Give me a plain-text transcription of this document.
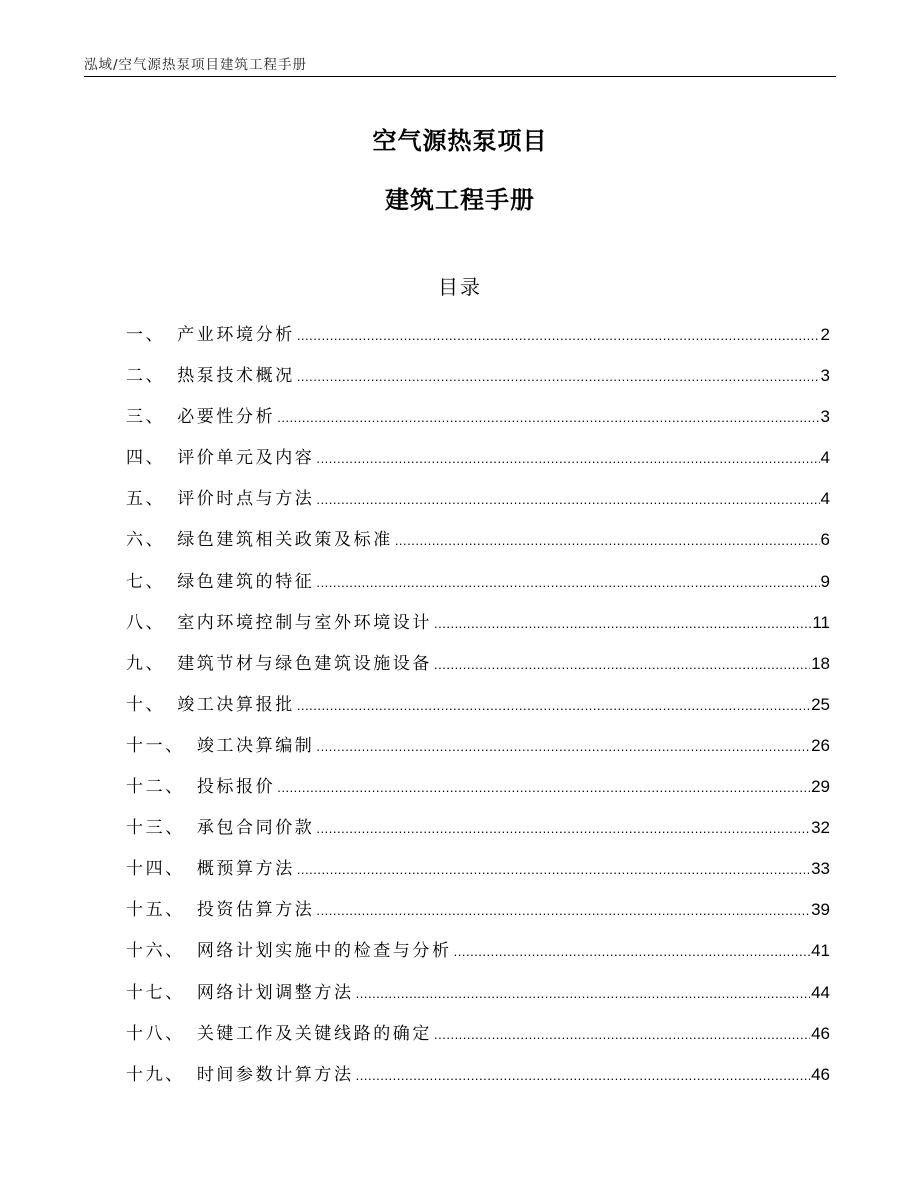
泓域/空气源热泵项目建筑工程手册
空气源热泵项目
建筑工程手册
目录
一、 产业环境分析 .....	2
二、 热泵技术概况 .....	3
三、 必要性分析 .....	3
四、 评价单元及内容 .....	4
五、 评价时点与方法 .....	4
六、 绿色建筑相关政策及标准 .....	6
七、 绿色建筑的特征 .....	9
八、 室内环境控制与室外环境设计 .....	11
九、 建筑节材与绿色建筑设施设备 .....	18
十、 竣工决算报批 .....	25
十一、 竣工决算编制 .....	26
十二、 投标报价 .....	29
十三、 承包合同价款 .....	32
十四、 概预算方法 .....	33
十五、 投资估算方法 .....	39
十六、 网络计划实施中的检查与分析 .....	41
十七、 网络计划调整方法 .....	44
十八、 关键工作及关键线路的确定 .....	46
十九、 时间参数计算方法 .....	46
